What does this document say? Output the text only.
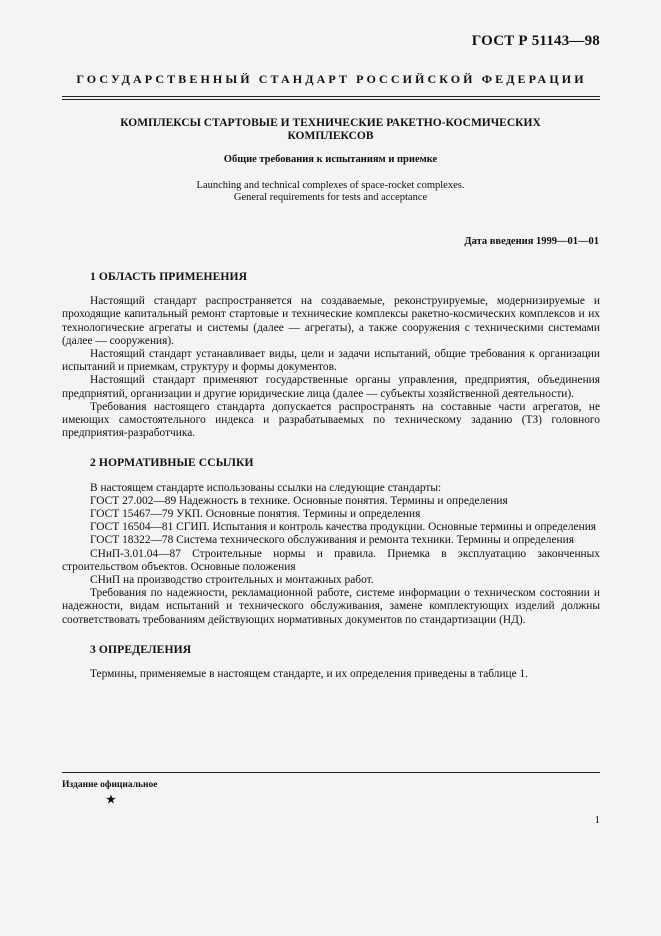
ГОСТ Р 51143—98
ГОСУДАРСТВЕННЫЙ СТАНДАРТ РОССИЙСКОЙ ФЕДЕРАЦИИ
КОМПЛЕКСЫ СТАРТОВЫЕ И ТЕХНИЧЕСКИЕ РАКЕТНО-КОСМИЧЕСКИХ
КОМПЛЕКСОВ
Общие требования к испытаниям и приемке
Launching and technical complexes of space-rocket complexes.
General requirements for tests and acceptance
Дата введения 1999—01—01
1 ОБЛАСТЬ ПРИМЕНЕНИЯ

Настоящий стандарт распространяется на создаваемые, реконструируемые, модернизируемые и проходящие капитальный ремонт стартовые и технические комплексы ракетно-космических комплексов и их технологические агрегаты и системы (далее — агрегаты), а также сооружения с техническими системами (далее — сооружения).

Настоящий стандарт устанавливает виды, цели и задачи испытаний, общие требования к организации испытаний и приемкам, структуру и формы документов.

Настоящий стандарт применяют государственные органы управления, предприятия, объединения предприятий, организации и другие юридические лица (далее — субъекты хозяйственной деятельности).

Требования настоящего стандарта допускается распространять на составные части агрегатов, не имеющих самостоятельного индекса и разрабатываемых по техническому заданию (ТЗ) головного предприятия-разработчика.

2 НОРМАТИВНЫЕ ССЫЛКИ

В настоящем стандарте использованы ссылки на следующие стандарты:

ГОСТ 27.002—89 Надежность в технике. Основные понятия. Термины и определения

ГОСТ 15467—79 УКП. Основные понятия. Термины и определения

ГОСТ 16504—81 СГИП. Испытания и контроль качества продукции. Основные термины и определения

ГОСТ 18322—78 Система технического обслуживания и ремонта техники. Термины и определения

СНиП-3.01.04—87 Строительные нормы и правила. Приемка в эксплуатацию законченных строительством объектов. Основные положения

СНиП на производство строительных и монтажных работ.

Требования по надежности, рекламационной работе, системе информации о техническом состоянии и надежности, видам испытаний и технического обслуживания, замене комплектующих изделий должны соответствовать требованиям действующих нормативных документов по стандартизации (НД).

3 ОПРЕДЕЛЕНИЯ

Термины, применяемые в настоящем стандарте, и их определения приведены в таблице 1.

Издание официальное
★
1
